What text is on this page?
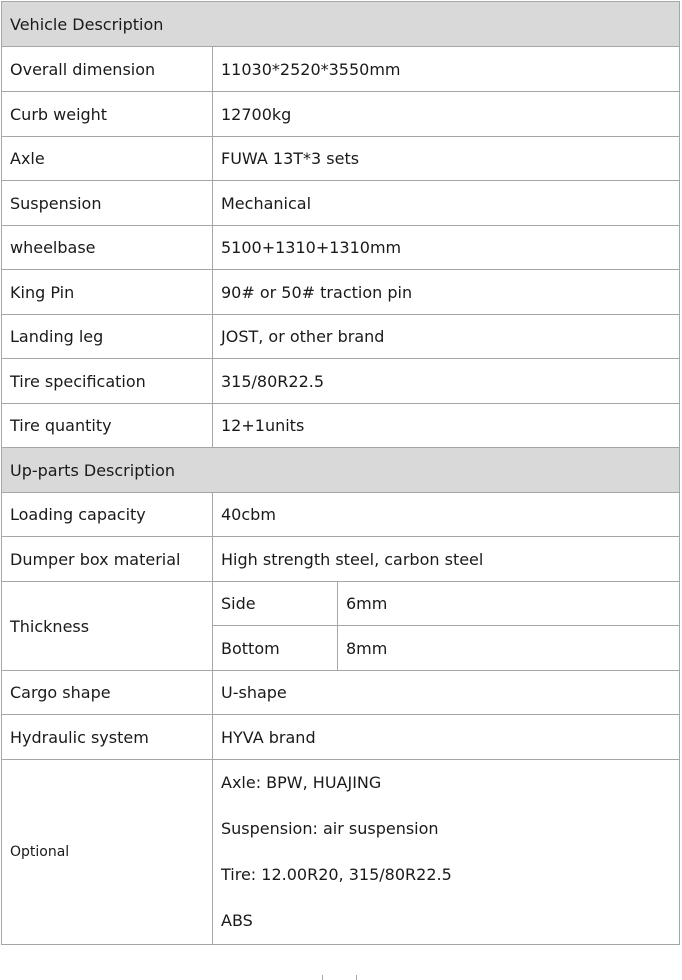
Vehicle Description		
Overall dimension	11030*2520*3550mm	
Curb weight	12700kg	
Axle	FUWA 13T*3 sets	
Suspension	Mechanical	
wheelbase	5100+1310+1310mm	
King Pin	90# or 50# traction pin	
Landing leg	JOST, or other brand	
Tire specification	315/80R22.5	
Tire quantity	12+1units	
Up-parts Description		
Loading capacity	40cbm	
Dumper box material	High strength steel, carbon steel	
Thickness	Side	6mm
	Bottom	8mm
Cargo shape	U-shape	
Hydraulic system	HYVA brand	
Optional	Axle: BPW, HUAJING
Suspension: air suspension
Tire: 12.00R20, 315/80R22.5
ABS	
